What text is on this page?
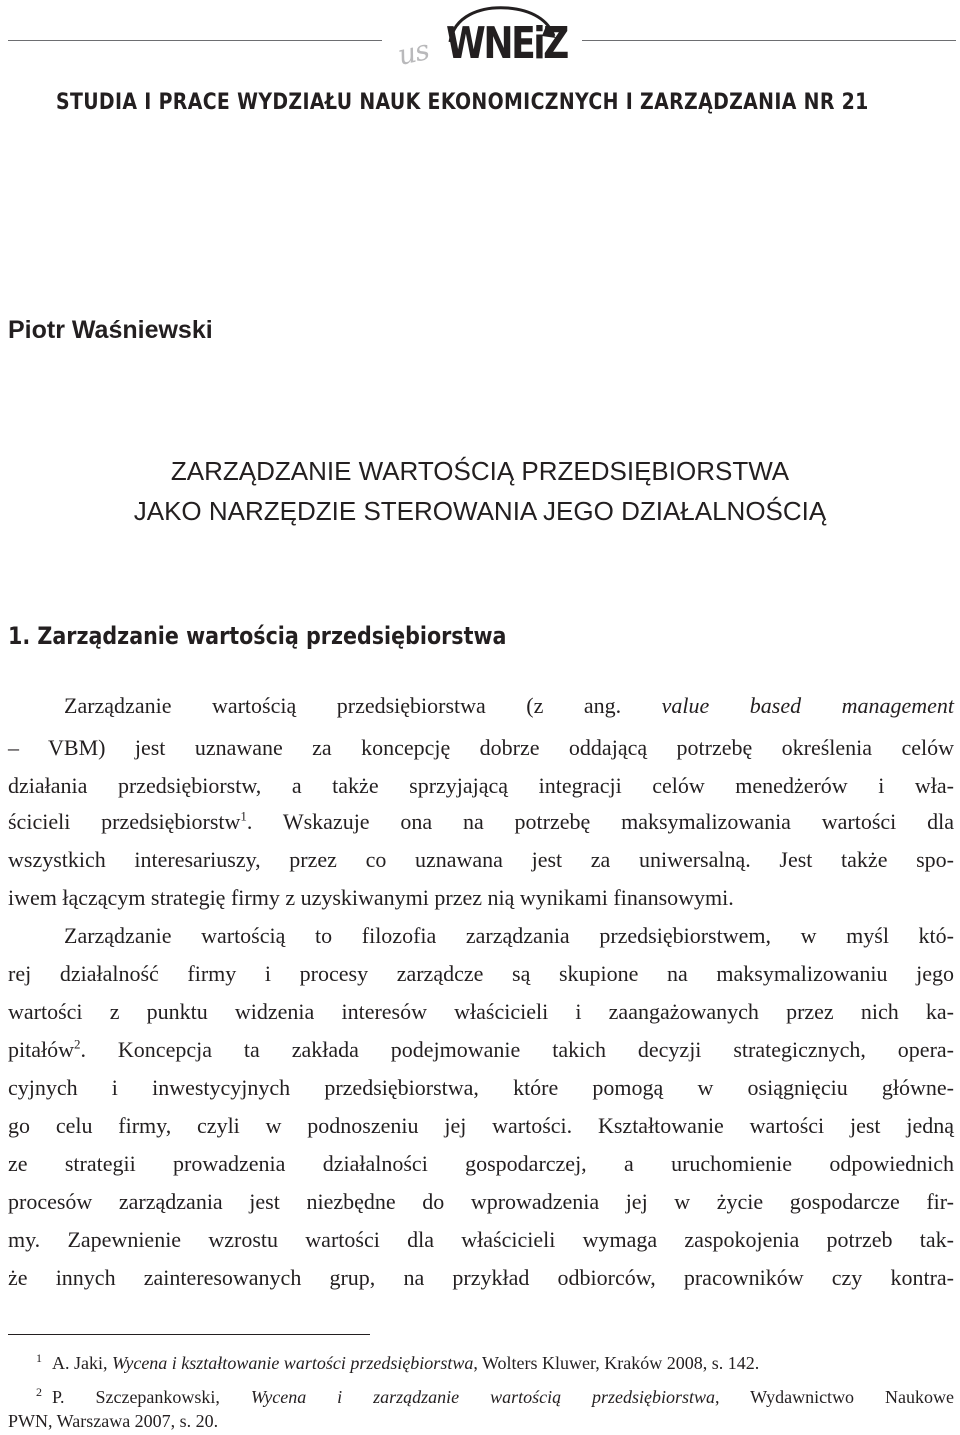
us WNEiZ
STUDIA I PRACE WYDZIAŁU NAUK EKONOMICZNYCH I ZARZĄDZANIA NR 21
Piotr Waśniewski
ZARZĄDZANIE WARTOŚCIĄ PRZEDSIĘBIORSTWA
JAKO NARZĘDZIE STEROWANIA JEGO DZIAŁALNOŚCIĄ
1. Zarządzanie wartością przedsiębiorstwa
Zarządzanie wartością przedsiębiorstwa (z ang. value based management
– VBM) jest uznawane za koncepcję dobrze oddającą potrzebę określenia celów
działania przedsiębiorstw, a także sprzyjającą integracji celów menedżerów i wła-
ścicieli przedsiębiorstw$^1$. Wskazuje ona na potrzebę maksymalizowania wartości dla
wszystkich interesariuszy, przez co uznawana jest za uniwersalną. Jest także spo-
iwem łączącym strategię firmy z uzyskiwanymi przez nią wynikami finansowymi.
Zarządzanie wartością to filozofia zarządzania przedsiębiorstwem, w myśl któ-
rej działalność firmy i procesy zarządcze są skupione na maksymalizowaniu jego
wartości z punktu widzenia interesów właścicieli i zaangażowanych przez nich ka-
pitałów$^2$. Koncepcja ta zakłada podejmowanie takich decyzji strategicznych, opera-
cyjnych i inwestycyjnych przedsiębiorstwa, które pomogą w osiągnięciu główne-
go celu firmy, czyli w podnoszeniu jej wartości. Kształtowanie wartości jest jedną
ze strategii prowadzenia działalności gospodarczej, a uruchomienie odpowiednich
procesów zarządzania jest niezbędne do wprowadzenia jej w życie gospodarcze fir-
my. Zapewnienie wzrostu wartości dla właścicieli wymaga zaspokojenia potrzeb tak-
że innych zainteresowanych grup, na przykład odbiorców, pracowników czy kontra-
$^1$ A. Jaki, Wycena i kształtowanie wartości przedsiębiorstwa, Wolters Kluwer, Kraków 2008, s. 142.
$^2$ P. Szczepankowski, Wycena i zarządzanie wartością przedsiębiorstwa, Wydawnictwo Naukowe
PWN, Warszawa 2007, s. 20.
